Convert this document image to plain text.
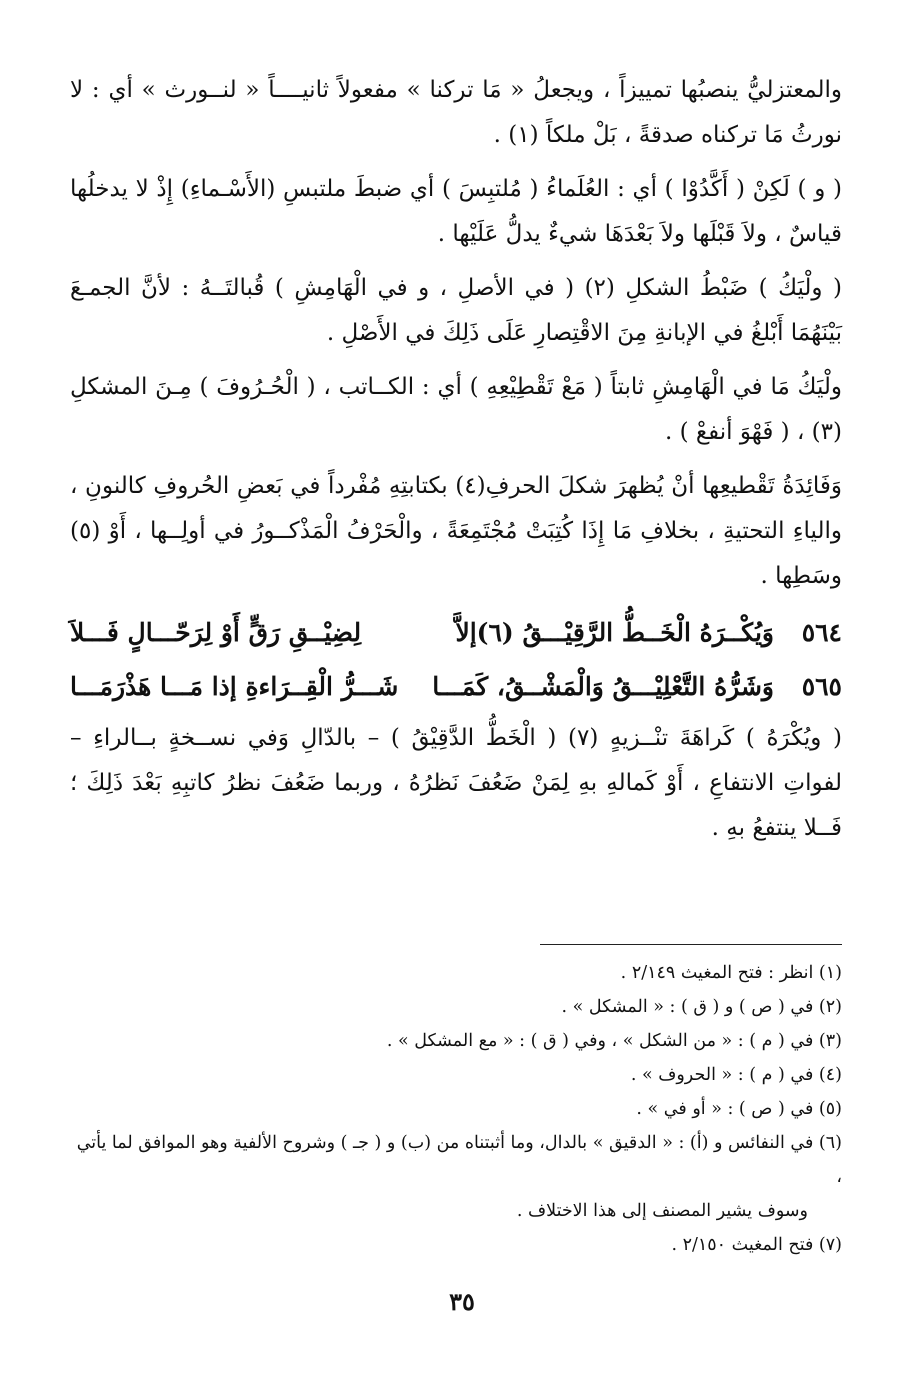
والمعتزليُّ ينصبُها تمييزاً ، ويجعلُ « مَا تركنا » مفعولاً ثانيــــاً « لنــورث » أي : لا نورثُ مَا تركناه صدقةً ، بَلْ ملكاً (١) .

( و ) لَكِنْ ( أَكَّدُوْا ) أي : العُلَماءُ ( مُلتبِسَ ) أي ضبطَ ملتبسِ (الأَسْـماءِ) إِذْ لا يدخلُها قياسٌ ، ولاَ قَبْلَها ولاَ بَعْدَهَا شيءٌ يدلُّ عَلَيْها .

( ولْيَكُ ) ضَبْطُ الشكلِ (٢) ( في الأصلِ ، و في الْهَامِشِ ) قُبالتَــهُ : لأنَّ الجمـعَ بَيْنَهُمَا أَبْلغُ في الإبانةِ مِنَ الاقْتِصارِ عَلَى ذَلِكَ في الأَصْلِ .

ولْيَكُ مَا في الْهَامِشِ ثابتاً ( مَعْ تَقْطِيْعِهِ ) أي : الكــاتب ، ( الْحُـرُوفَ ) مِـنَ المشكلِ (٣) ، ( فَهْوَ أنفعْ ) .

وَفَائِدَةُ تَقْطيعِها أنْ يُظهرَ شكلَ الحرفِ(٤) بكتابتِهِ مُفْرداً في بَعضِ الحُروفِ كالنونِ ، والياءِ التحتيةِ ، بخلافِ مَا إِذَا كُتِبَتْ مُجْتَمِعَةً ، والْحَرْفُ الْمَذْكــورُ في أولِــها ، أَوْ (٥) وسَطِها .

٥٦٤
وَيُكْــرَهُ الْخَــطُّ الرَّقِيْـــقُ (٦)إلاَّ
لِضِيْــقِ رَقٍّ أَوْ لِرَحّـــالٍ فَـــلاَ
٥٦٥
وَشَرُّهُ التَّعْلِيْـــقُ وَالْمَشْــقُ، كَمَـــا
شَـــرُّ الْقِــرَاءةِ إذا مَـــا هَذْرَمَـــا

( ويُكْرَهُ ) كَراهَةَ تنْــزيهٍ (٧) ( الْخَطُّ الدَّقِيْقُ ) – بالدّالِ وَفي نســخةٍ بــالراءِ – لفواتِ الانتفاعِ ، أَوْ كَمالهِ بهِ لِمَنْ ضَعُفَ نَظرُهُ ، وربما ضَعُفَ نظرُ كاتبِهِ بَعْدَ ذَلِكَ ؛ فَــلا ينتفعُ بهِ .

(١) انظر : فتح المغيث ٢/١٤٩ .
(٢) في ( ص ) و ( ق ) : « المشكل » .
(٣) في ( م ) : « من الشكل » ، وفي ( ق ) : « مع المشكل » .
(٤) في ( م ) : « الحروف » .
(٥) في ( ص ) : « أو في » .
(٦) في النفائس و (أ) : « الدقيق » بالدال، وما أثبتناه من (ب) و ( جـ ) وشروح الألفية وهو الموافق لما يأتي ،
وسوف يشير المصنف إلى هذا الاختلاف .
(٧) فتح المغيث ٢/١٥٠ .
٣٥
